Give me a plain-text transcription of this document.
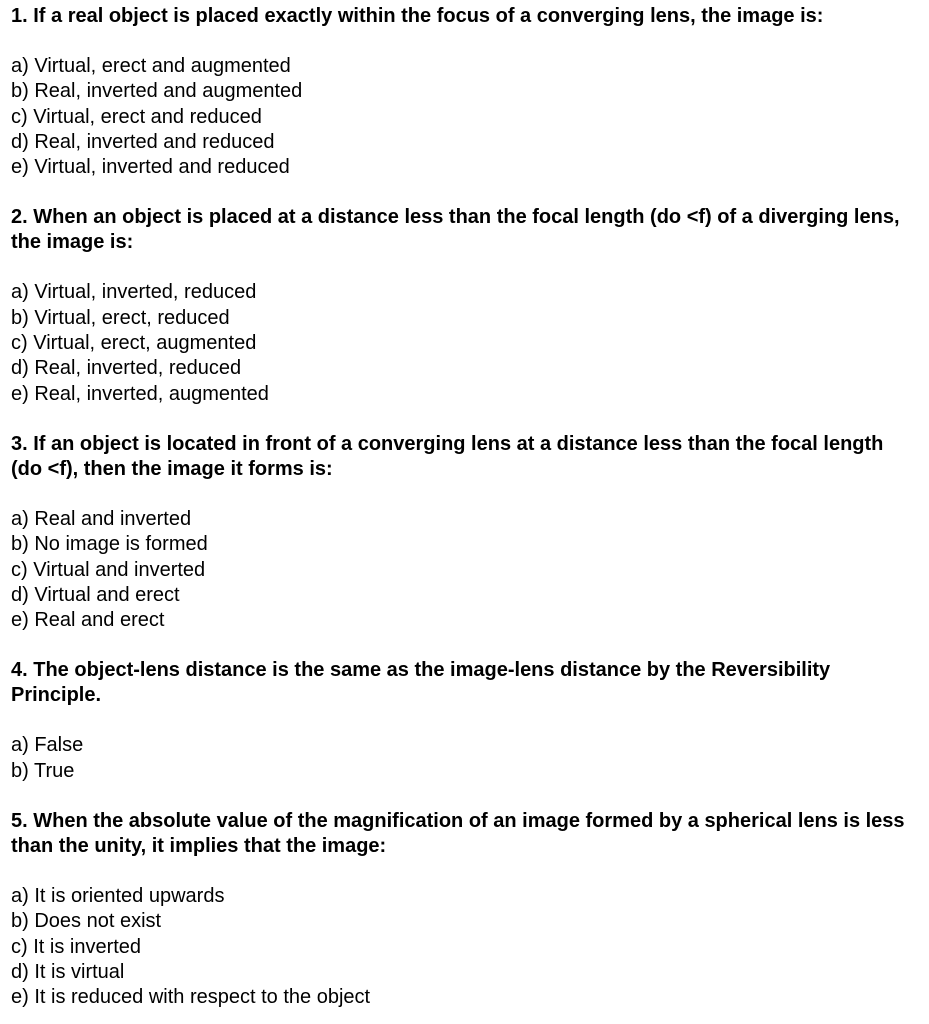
1. If a real object is placed exactly within the focus of a converging lens, the image is:

a) Virtual, erect and augmented
b) Real, inverted and augmented
c) Virtual, erect and reduced
d) Real, inverted and reduced
e) Virtual, inverted and reduced

2. When an object is placed at a distance less than the focal length (do <f) of a diverging lens, the image is:

a) Virtual, inverted, reduced
b) Virtual, erect, reduced
c) Virtual, erect, augmented
d) Real, inverted, reduced
e) Real, inverted, augmented

3. If an object is located in front of a converging lens at a distance less than the focal length (do <f), then the image it forms is:

a) Real and inverted
b) No image is formed
c) Virtual and inverted
d) Virtual and erect
e) Real and erect

4. The object-lens distance is the same as the image-lens distance by the Reversibility Principle.

a) False
b) True

5. When the absolute value of the magnification of an image formed by a spherical lens is less than the unity, it implies that the image:

a) It is oriented upwards
b) Does not exist
c) It is inverted
d) It is virtual
e) It is reduced with respect to the object
